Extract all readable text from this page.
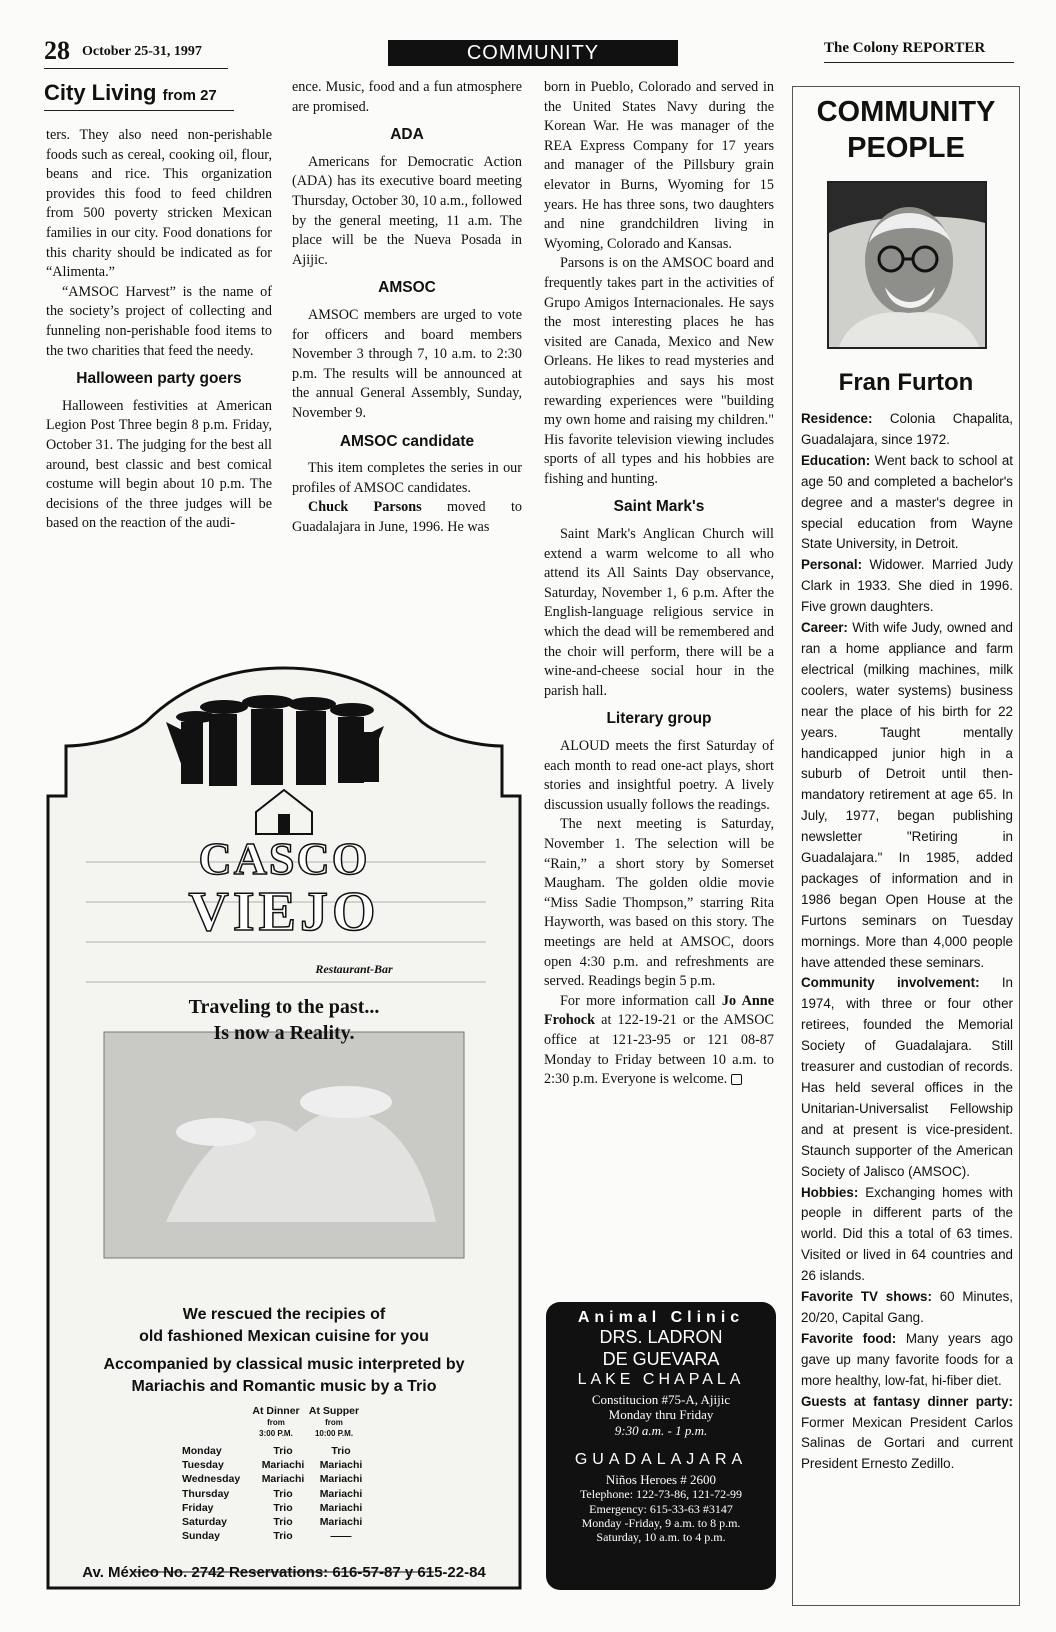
28 October 25-31, 1997	COMMUNITY	The Colony REPORTER
City Living from 27

ters. They also need non-perishable foods such as cereal, cooking oil, flour, beans and rice. This organization provides this food to feed children from 500 poverty stricken Mexican families in our city. Food donations for this charity should be indicated as for “Alimenta.”

“AMSOC Harvest” is the name of the society’s project of collecting and funneling non-perishable food items to the two charities that feed the needy.

Halloween party goers

Halloween festivities at American Legion Post Three begin 8 p.m. Friday, October 31. The judging for the best all around, best classic and best comical costume will begin about 10 p.m. The decisions of the three judges will be based on the reaction of the audi-

ence. Music, food and a fun atmosphere are promised.

ADA

Americans for Democratic Action (ADA) has its executive board meeting Thursday, October 30, 10 a.m., followed by the general meeting, 11 a.m. The place will be the Nueva Posada in Ajijic.

AMSOC

AMSOC members are urged to vote for officers and board members November 3 through 7, 10 a.m. to 2:30 p.m. The results will be announced at the annual General Assembly, Sunday, November 9.

AMSOC candidate

This item completes the series in our profiles of AMSOC candidates.

Chuck Parsons moved to Guadalajara in June, 1996. He was

born in Pueblo, Colorado and served in the United States Navy during the Korean War. He was manager of the REA Express Company for 17 years and manager of the Pillsbury grain elevator in Burns, Wyoming for 15 years. He has three sons, two daughters and nine grandchildren living in Wyoming, Colorado and Kansas.

Parsons is on the AMSOC board and frequently takes part in the activities of Grupo Amigos Internacionales. He says the most interesting places he has visited are Canada, Mexico and New Orleans. He likes to read mysteries and autobiographies and says his most rewarding experiences were "building my own home and raising my children." His favorite television viewing includes sports of all types and his hobbies are fishing and hunting.

Saint Mark's

Saint Mark's Anglican Church will extend a warm welcome to all who attend its All Saints Day observance, Saturday, November 1, 6 p.m. After the English-language religious service in which the dead will be remembered and the choir will perform, there will be a wine-and-cheese social hour in the parish hall.

Literary group

ALOUD meets the first Saturday of each month to read one-act plays, short stories and insightful poetry. A lively discussion usually follows the readings.

The next meeting is Saturday, November 1. The selection will be “Rain,” a short story by Somerset Maugham. The golden oldie movie “Miss Sadie Thompson,” starring Rita Hayworth, was based on this story. The meetings are held at AMSOC, doors open 4:30 p.m. and refreshments are served. Readings begin 5 p.m.

For more information call Jo Anne Frohock at 122-19-21 or the AMSOC office at 121-23-95 or 121 08-87 Monday to Friday between 10 a.m. to 2:30 p.m. Everyone is welcome.

CASCO
VIEJO
Restaurant-Bar
Traveling to the past...
Is now a Reality.
We rescued the recipies of
old fashioned Mexican cuisine for you
Accompanied by classical music interpreted by
Mariachis and Romantic music by a Trio
At Dinner
from
3:00 P.M.
At Supper
from
10:00 P.M.
Monday	Trio	Trio
Tuesday	Mariachi	Mariachi
Wednesday	Mariachi	Mariachi
Thursday	Trio	Mariachi
Friday	Trio	Mariachi
Saturday	Trio	Mariachi
Sunday	Trio	——
Av. México No. 2742 Reservations: 616-57-87 y 615-22-84
Animal Clinic
DRS. LADRON
DE GUEVARA
LAKE CHAPALA
Constitucion #75-A, Ajijic
Monday thru Friday
9:30 a.m. - 1 p.m.
GUADALAJARA
Niños Heroes # 2600
Telephone: 122-73-86, 121-72-99
Emergency: 615-33-63 #3147
Monday -Friday, 9 a.m. to 8 p.m.
Saturday, 10 a.m. to 4 p.m.
COMMUNITY
PEOPLE
Fran Furton

Residence: Colonia Chapalita, Guadalajara, since 1972.

Education: Went back to school at age 50 and completed a bachelor's degree and a master's degree in special education from Wayne State University, in Detroit.

Personal: Widower. Married Judy Clark in 1933. She died in 1996. Five grown daughters.

Career: With wife Judy, owned and ran a home appliance and farm electrical (milking machines, milk coolers, water systems) business near the place of his birth for 22 years. Taught mentally handicapped junior high in a suburb of Detroit until then-mandatory retirement at age 65. In July, 1977, began publishing newsletter "Retiring in Guadalajara." In 1985, added packages of information and in 1986 began Open House at the Furtons seminars on Tuesday mornings. More than 4,000 people have attended these seminars.

Community involvement: In 1974, with three or four other retirees, founded the Memorial Society of Guadalajara. Still treasurer and custodian of records. Has held several offices in the Unitarian-Universalist Fellowship and at present is vice-president. Staunch supporter of the American Society of Jalisco (AMSOC).

Hobbies: Exchanging homes with people in different parts of the world. Did this a total of 63 times. Visited or lived in 64 countries and 26 islands.

Favorite TV shows: 60 Minutes, 20/20, Capital Gang.

Favorite food: Many years ago gave up many favorite foods for a more healthy, low-fat, hi-fiber diet.

Guests at fantasy dinner party: Former Mexican President Carlos Salinas de Gortari and current President Ernesto Zedillo.
